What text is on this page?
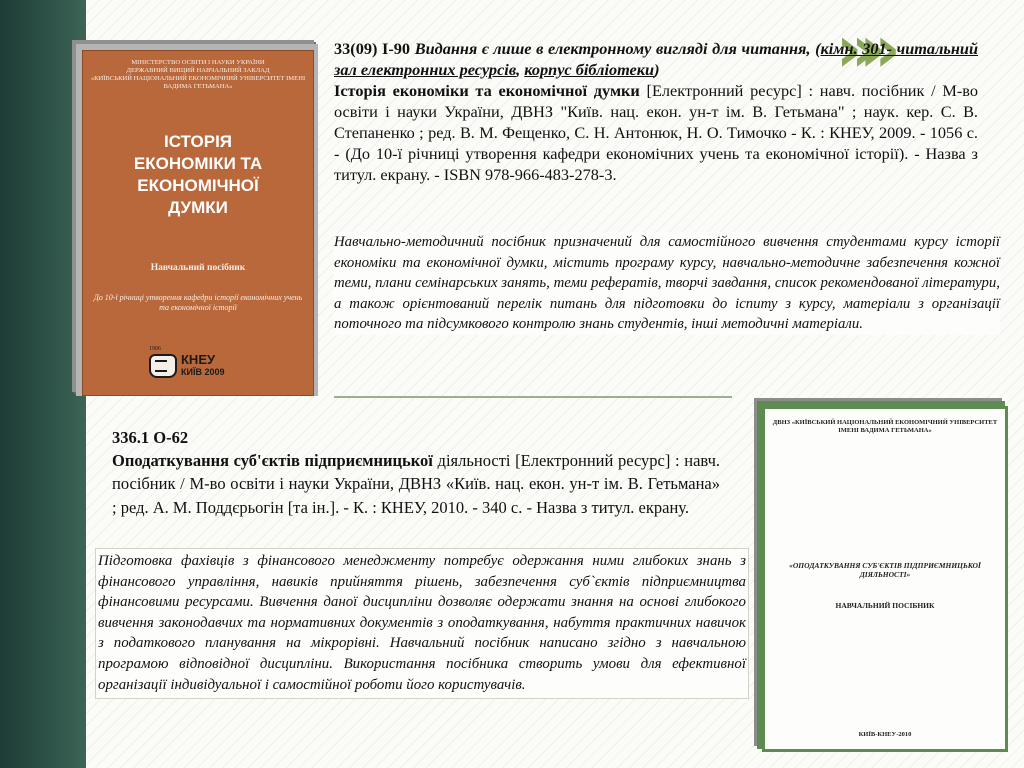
»»
МІНІСТЕРСТВО ОСВІТИ І НАУКИ УКРАЇНИ
ДЕРЖАВНИЙ ВИЩИЙ НАВЧАЛЬНИЙ ЗАКЛАД
«КИЇВСЬКИЙ НАЦІОНАЛЬНИЙ ЕКОНОМІЧНИЙ УНІВЕРСИТЕТ ІМЕНІ
ВАДИМА ГЕТЬМАНА»
ІСТОРІЯ
ЕКОНОМІКИ ТА
ЕКОНОМІЧНОЇ
ДУМКИ
Навчальний посібник
До 10-ї річниці утворення кафедри історії економічних учень та економічної історії
1906
КНЕУ
КИЇВ 2009
33(09) І-90 Видання є лише в електронному вигляді для читання, (кімн. 301- читальний зал електронних ресурсів, корпус бібліотеки)
Історія економіки та економічної думки [Електронний ресурс] : навч. посібник / М-во освіти і науки України, ДВНЗ "Київ. нац. екон. ун-т ім. В. Гетьмана" ; наук. кер. С. В. Степаненко ; ред. В. М. Фещенко, С. Н. Антонюк, Н. О. Тимочко - К. : КНЕУ, 2009. - 1056 с. - (До 10-ї річниці утворення кафедри економічних учень та економічної історії). - Назва з титул. екрану. - ISBN 978-966-483-278-3.
Навчально-методичний посібник призначений для самостійного вивчення студентами курсу історії економіки та економічної думки, містить програму курсу, навчально-методичне забезпечення кожної теми, плани семінарських занять, теми рефератів, творчі завдання, список рекомендованої літератури, а також орієнтований перелік питань для підготовки до іспиту з курсу, матеріали з організації поточного та підсумкового контролю знань студентів, інші методичні матеріали.
336.1 О-62
Оподаткування суб'єктів підприємницької діяльності [Електронний ресурс] : навч. посібник / М-во освіти і науки України, ДВНЗ «Київ. нац. екон. ун-т ім. В. Гетьмана» ; ред. А. М. Поддєрьогін [та ін.]. - К. : КНЕУ, 2010. - 340 с. - Назва з титул. екрану.
Підготовка фахівців з фінансового менеджменту потребує одержання ними глибоких знань з фінансового управління, навиків прийняття рішень, забезпечення суб`єктів підприємництва фінансовими ресурсами. Вивчення даної дисципліни дозволяє одержати знання на основі глибокого вивчення законодавчих та нормативних документів з оподаткування, набуття практичних навичок з податкового планування на мікрорівні. Навчальний посібник написано згідно з навчальною програмою відповідної дисципліни. Використання посібника створить умови для ефективної організації індивідуальної і самостійної роботи його користувачів.
ДВНЗ «КИЇВСЬКИЙ НАЦІОНАЛЬНИЙ ЕКОНОМІЧНИЙ УНІВЕРСИТЕТ ІМЕНІ ВАДИМА ГЕТЬМАНА»
«ОПОДАТКУВАННЯ СУБ'ЄКТІВ ПІДПРИЄМНИЦЬКОЇ ДІЯЛЬНОСТІ»
НАВЧАЛЬНИЙ ПОСІБНИК
КИЇВ-КНЕУ-2010
